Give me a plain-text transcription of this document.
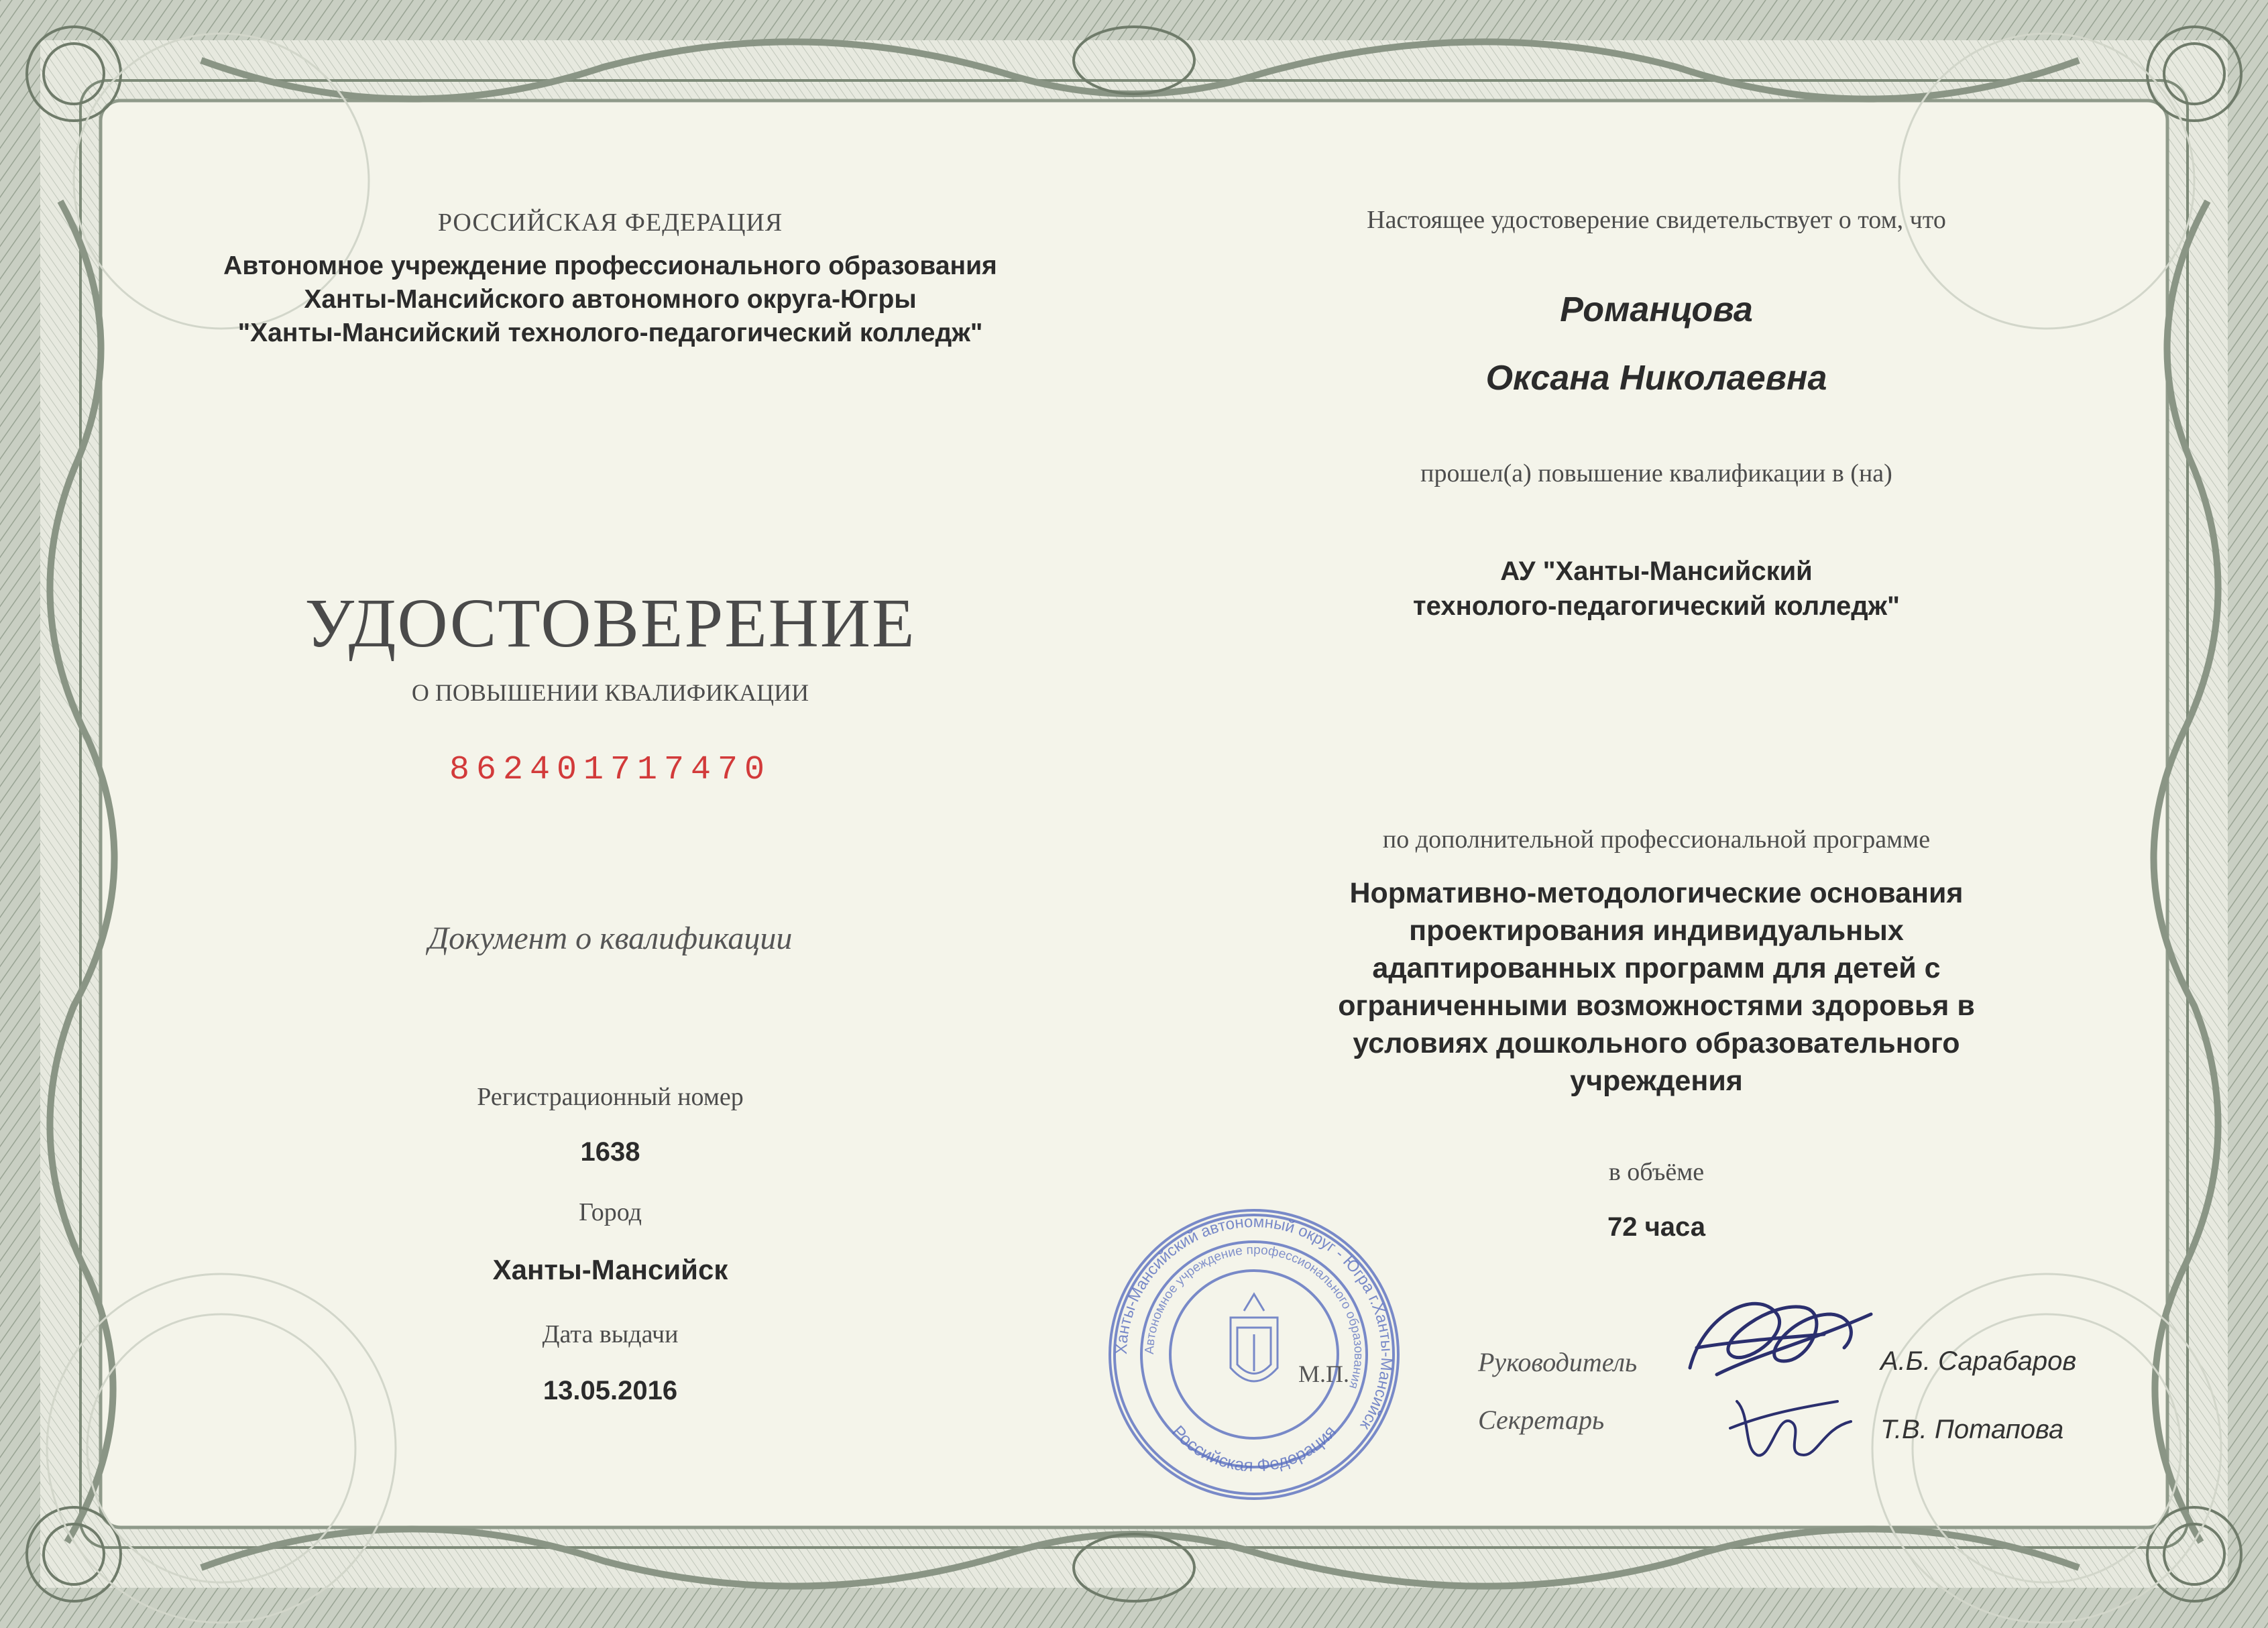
РОССИЙСКАЯ ФЕДЕРАЦИЯ
Автономное учреждение профессионального образования
Ханты-Мансийского автономного округа-Югры
"Ханты-Мансийский технолого-педагогический колледж"
УДОСТОВЕРЕНИЕ
О ПОВЫШЕНИИ КВАЛИФИКАЦИИ
862401717470
Документ о квалификации
Регистрационный номер
1638
Город
Ханты-Мансийск
Дата выдачи
13.05.2016
Настоящее удостоверение свидетельствует о том, что
Романцова
Оксана Николаевна
прошел(а) повышение квалификации в (на)
АУ "Ханты-Мансийский
технолого-педагогический колледж"
по дополнительной профессиональной программе
Нормативно-методологические основания
проектирования индивидуальных
адаптированных программ для детей с
ограниченными возможностями здоровья в
условиях дошкольного образовательного
учреждения
в объёме
72 часа
Ханты-Мансийский автономный округ - Югра г.Ханты-Мансийск
Автономное учреждение профессионального образования
Российская Федерация
М.П.	Руководитель	А.Б. Сарабаров
Секретарь	Т.В. Потапова
